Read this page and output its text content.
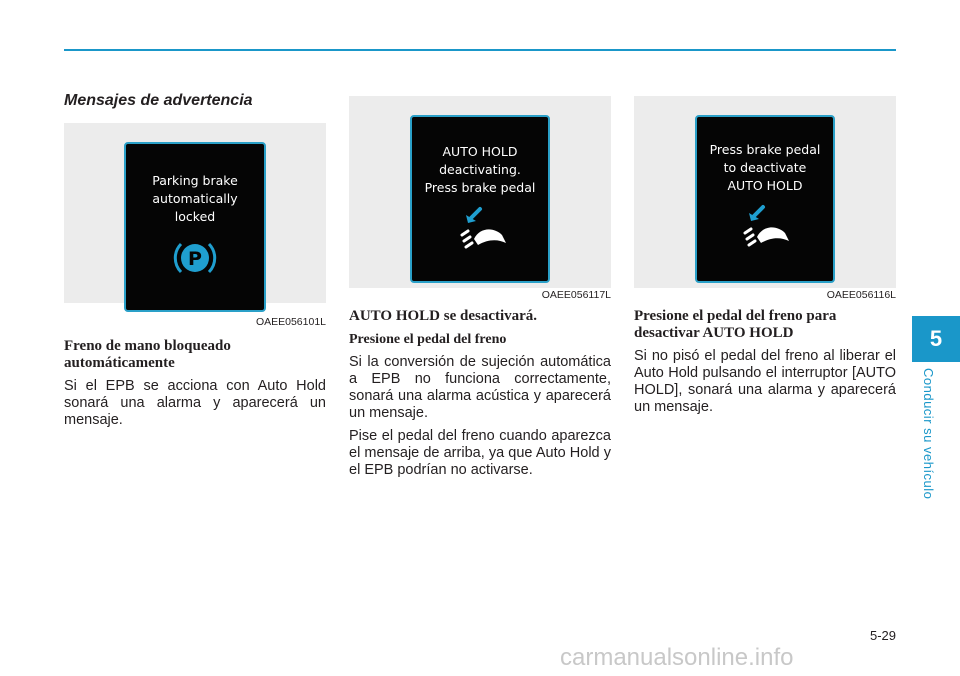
Mensajes de advertencia
Parking brake
automatically
locked
P
OAEE056101L
AUTO HOLD
deactivating.
Press brake pedal
OAEE056117L
Press brake pedal
to deactivate
AUTO HOLD
OAEE056116L
Freno de mano bloqueado
automáticamente

Si el EPB se acciona con Auto Hold sonará una alarma y aparecerá un mensaje.

AUTO HOLD se desactivará.
Presione el pedal del freno

Si la conversión de sujeción automática a EPB no funciona correctamente, sonará una alarma acústica y aparecerá un mensaje.

Pise el pedal del freno cuando aparezca el mensaje de arriba, ya que Auto Hold y el EPB podrían no activarse.

Presione el pedal del freno para
desactivar AUTO HOLD

Si no pisó el pedal del freno al liberar el Auto Hold pulsando el interruptor [AUTO HOLD], sonará una alarma y aparecerá un mensaje.

5
Conducir su vehículo
5-29
carmanualsonline.info
